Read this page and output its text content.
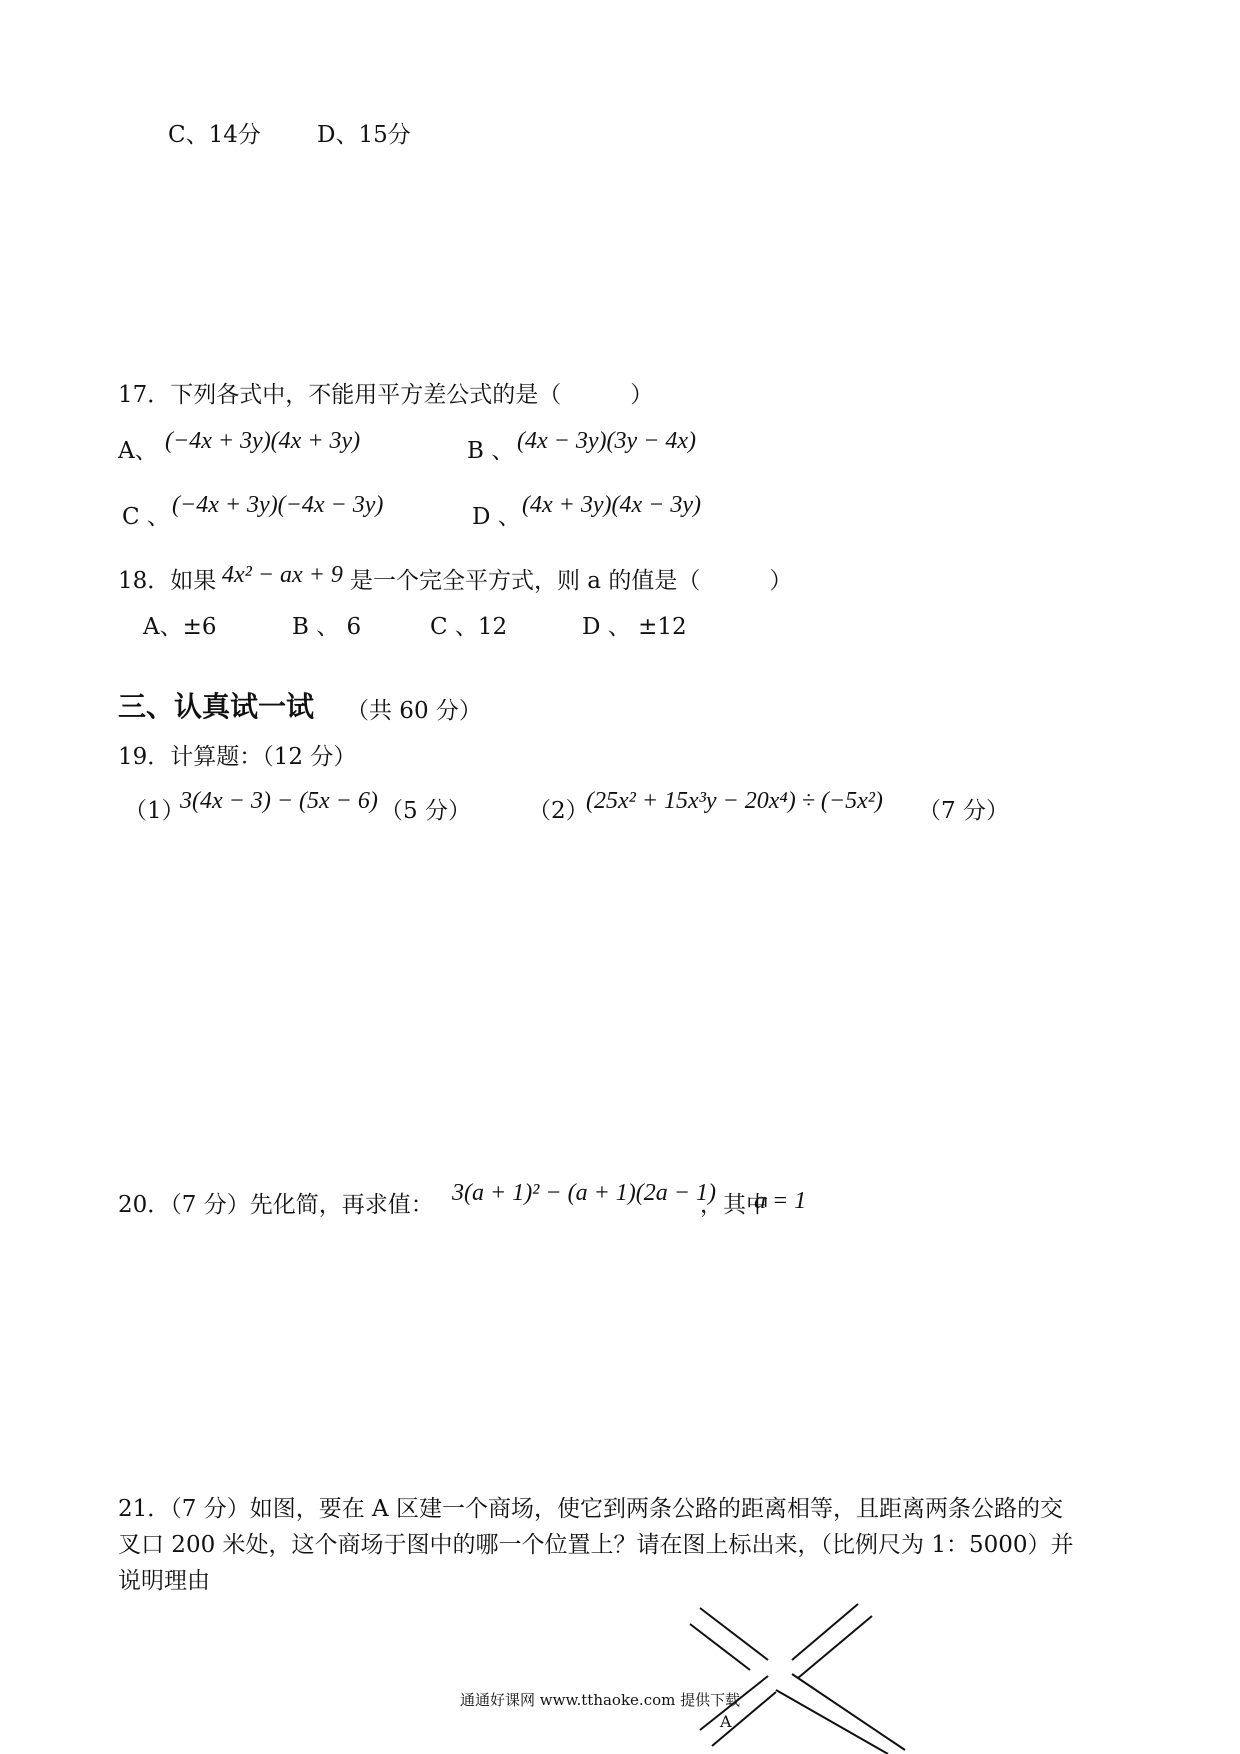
C、14分 D、15分
17．下列各式中，不能用平方差公式的是（　　　）
A、 (−4x + 3y)(4x + 3y)	B 、 (4x − 3y)(3y − 4x)
C 、 (−4x + 3y)(−4x − 3y)	D 、 (4x + 3y)(4x − 3y)
18．如果 4x² − ax + 9 是一个完全平方式，则 a 的值是（　　　）
A、±6	B 、 6	C 、12	D 、 ±12
三、认真试一试 （共 60 分）
19．计算题：（12 分）
（1）
3(4x − 3) − (5x − 6) （5 分） （2）
(25x² + 15x³y − 20x⁴) ÷ (−5x²) （7 分）
20．（7 分）先化简，再求值： 3(a + 1)² − (a + 1)(2a − 1)
，其中
a = 1
21．（7 分）如图，要在 A 区建一个商场，使它到两条公路的距离相等，且距离两条公路的交
叉口 200 米处，这个商场于图中的哪一个位置上？请在图上标出来，（比例尺为 1：5000）并
说明理由
A
通通好课网 www.tthaoke.com 提供下载
